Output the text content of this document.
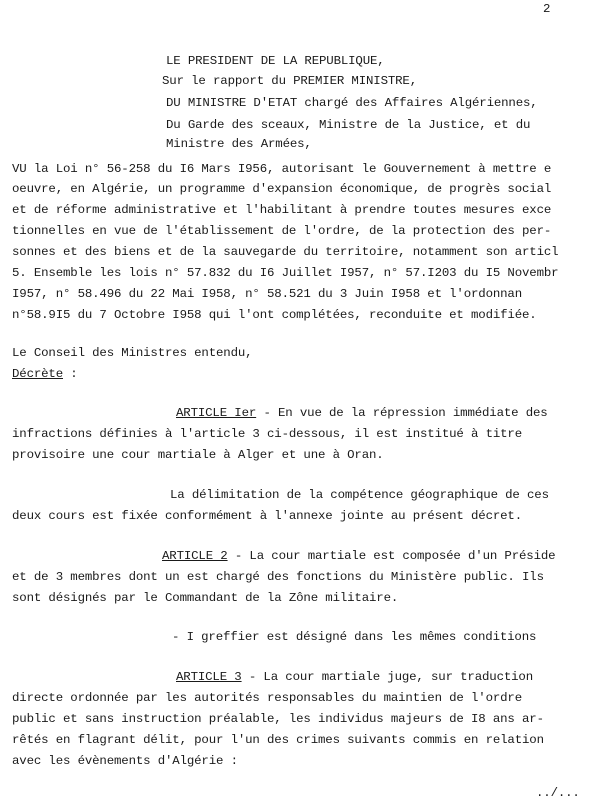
2
LE PRESIDENT DE LA REPUBLIQUE,
Sur le rapport du PREMIER MINISTRE,
DU MINISTRE D'ETAT chargé des Affaires Algériennes,
Du Garde des sceaux, Ministre de la Justice, et du
Ministre des Armées,
VU la Loi n° 56-258 du I6 Mars I956, autorisant le Gouvernement à mettre e
oeuvre, en Algérie, un programme d'expansion économique, de progrès social
et de réforme administrative et l'habilitant à prendre toutes mesures exce
tionnelles en vue de l'établissement de l'ordre, de la protection des per-
sonnes et des biens et de la sauvegarde du territoire, notamment son articl
5. Ensemble les lois n° 57.832 du I6 Juillet I957, n° 57.I203 du I5 Novembr
I957, n° 58.496 du 22 Mai I958, n° 58.521 du 3 Juin I958 et l'ordonnan
n°58.9I5 du 7 Octobre I958 qui l'ont complétées, reconduite et modifiée.
Le Conseil des Ministres entendu,
Décrète :
ARTICLE Ier - En vue de la répression immédiate des
infractions définies à l'article 3 ci-dessous, il est institué à titre
provisoire une cour martiale à Alger et une à Oran.
La délimitation de la compétence géographique de ces
deux cours est fixée conformément à l'annexe jointe au présent décret.
ARTICLE 2 - La cour martiale est composée d'un Préside
et de 3 membres dont un est chargé des fonctions du Ministère public. Ils
sont désignés par le Commandant de la Zône militaire.
- I greffier est désigné dans les mêmes conditions
ARTICLE 3 - La cour martiale juge, sur traduction
directe ordonnée par les autorités responsables du maintien de l'ordre
public et sans instruction préalable, les individus majeurs de I8 ans ar-
rêtés en flagrant délit, pour l'un des crimes suivants commis en relation
avec les évènements d'Algérie :
../...
